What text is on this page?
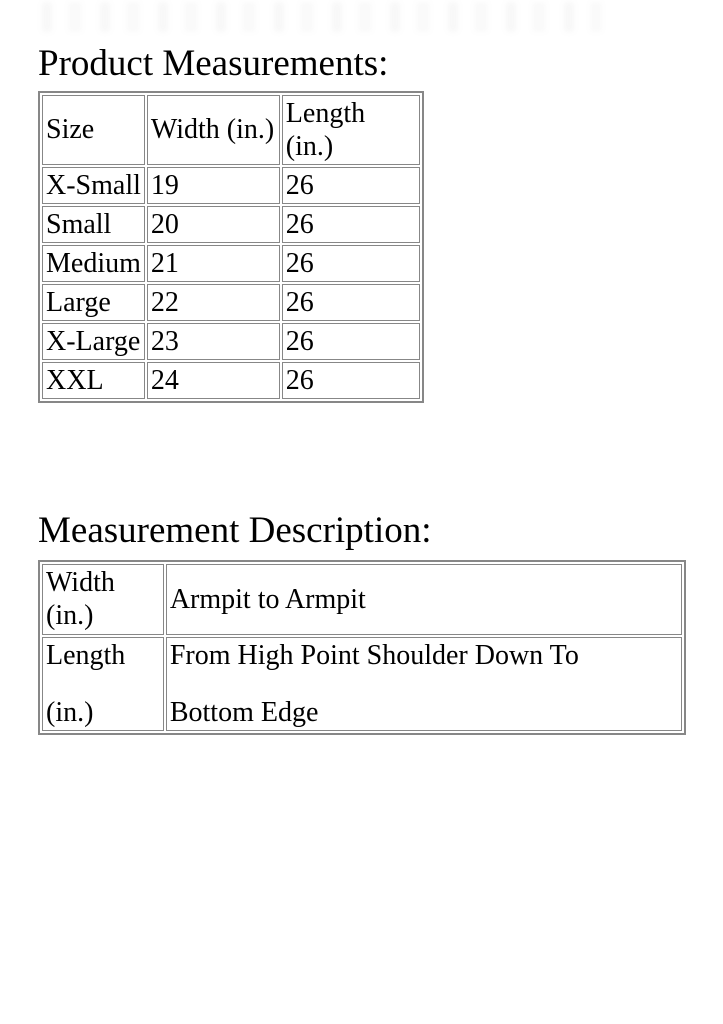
Product Measurements:
Size	Width (in.)	Length (in.)
X-Small	19	26
Small	20	26
Medium	21	26
Large	22	26
X-Large	23	26
XXL	24	26
Measurement Description:
Width
(in.)	Armpit to Armpit

Length
(in.)	From High Point Shoulder Down To
Bottom Edge
